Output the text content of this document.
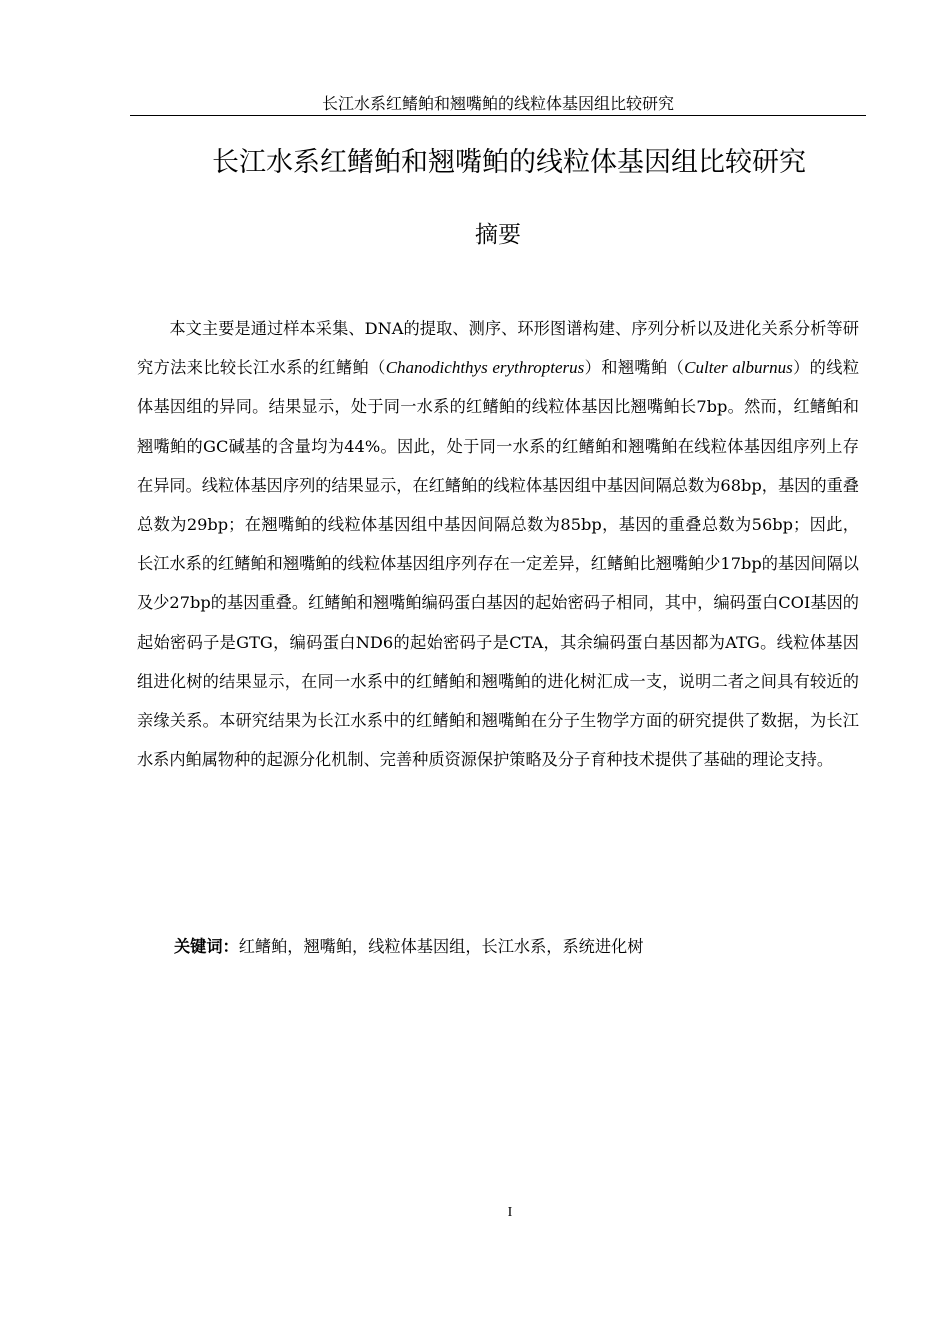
长江水系红鳍鲌和翘嘴鲌的线粒体基因组比较研究
长江水系红鳍鲌和翘嘴鲌的线粒体基因组比较研究
摘要

本文主要是通过样本采集、DNA的提取、测序、环形图谱构建、序列分析以及进化关系分析等研究方法来比较长江水系的红鳍鲌（Chanodichthys erythropterus）和翘嘴鲌（Culter alburnus）的线粒体基因组的异同。结果显示，处于同一水系的红鳍鲌的线粒体基因比翘嘴鲌长7bp。然而，红鳍鲌和翘嘴鲌的GC碱基的含量均为44%。因此，处于同一水系的红鳍鲌和翘嘴鲌在线粒体基因组序列上存在异同。线粒体基因序列的结果显示，在红鳍鲌的线粒体基因组中基因间隔总数为68bp，基因的重叠总数为29bp；在翘嘴鲌的线粒体基因组中基因间隔总数为85bp，基因的重叠总数为56bp；因此，长江水系的红鳍鲌和翘嘴鲌的线粒体基因组序列存在一定差异，红鳍鲌比翘嘴鲌少17bp的基因间隔以及少27bp的基因重叠。红鳍鲌和翘嘴鲌编码蛋白基因的起始密码子相同，其中，编码蛋白COI基因的起始密码子是GTG，编码蛋白ND6的起始密码子是CTA，其余编码蛋白基因都为ATG。线粒体基因组进化树的结果显示，在同一水系中的红鳍鲌和翘嘴鲌的进化树汇成一支，说明二者之间具有较近的亲缘关系。本研究结果为长江水系中的红鳍鲌和翘嘴鲌在分子生物学方面的研究提供了数据，为长江水系内鲌属物种的起源分化机制、完善种质资源保护策略及分子育种技术提供了基础的理论支持。

关键词：红鳍鲌，翘嘴鲌，线粒体基因组，长江水系，系统进化树
I
